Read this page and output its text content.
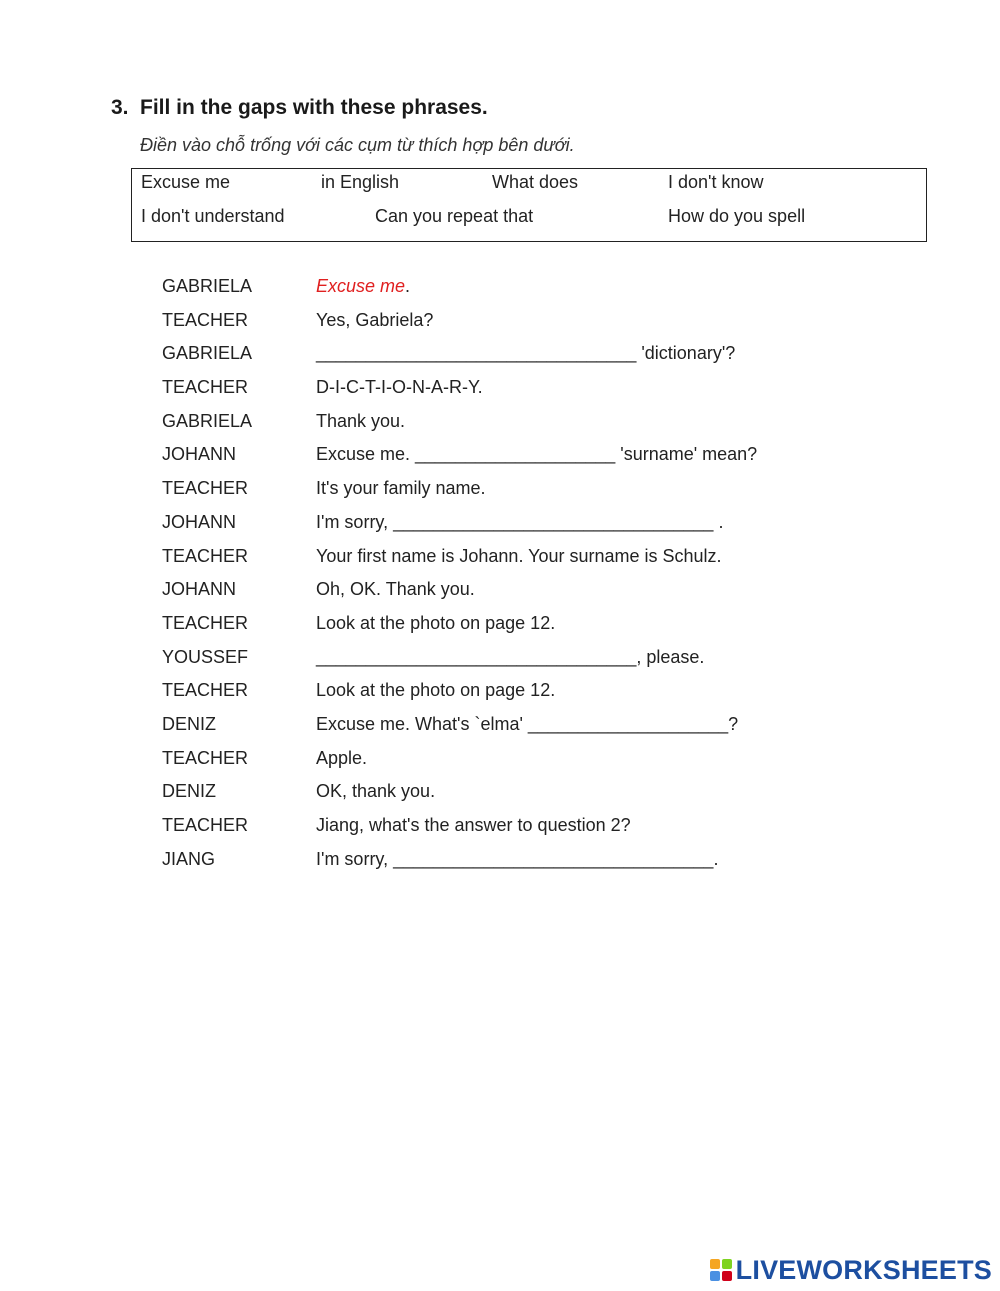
3. Fill in the gaps with these phrases.
Điền vào chỗ trống với các cụm từ thích hợp bên dưới.
Excuse me	in English	What does	I don't know
I don't understand	Can you repeat that	How do you spell
GABRIELA	Excuse me.
TEACHER	Yes, Gabriela?
GABRIELA	________________________________ 'dictionary'?
TEACHER	D-I-C-T-I-O-N-A-R-Y.
GABRIELA	Thank you.
JOHANN	Excuse me. ____________________ 'surname' mean?
TEACHER	It's your family name.
JOHANN	I'm sorry, ________________________________ .
TEACHER	Your first name is Johann. Your surname is Schulz.
JOHANN	Oh, OK. Thank you.
TEACHER	Look at the photo on page 12.
YOUSSEF	________________________________, please.
TEACHER	Look at the photo on page 12.
DENIZ	Excuse me. What's `elma' ____________________?
TEACHER	Apple.
DENIZ	OK, thank you.
TEACHER	Jiang, what's the answer to question 2?
JIANG	I'm sorry, ________________________________.
LIVEWORKSHEETS
